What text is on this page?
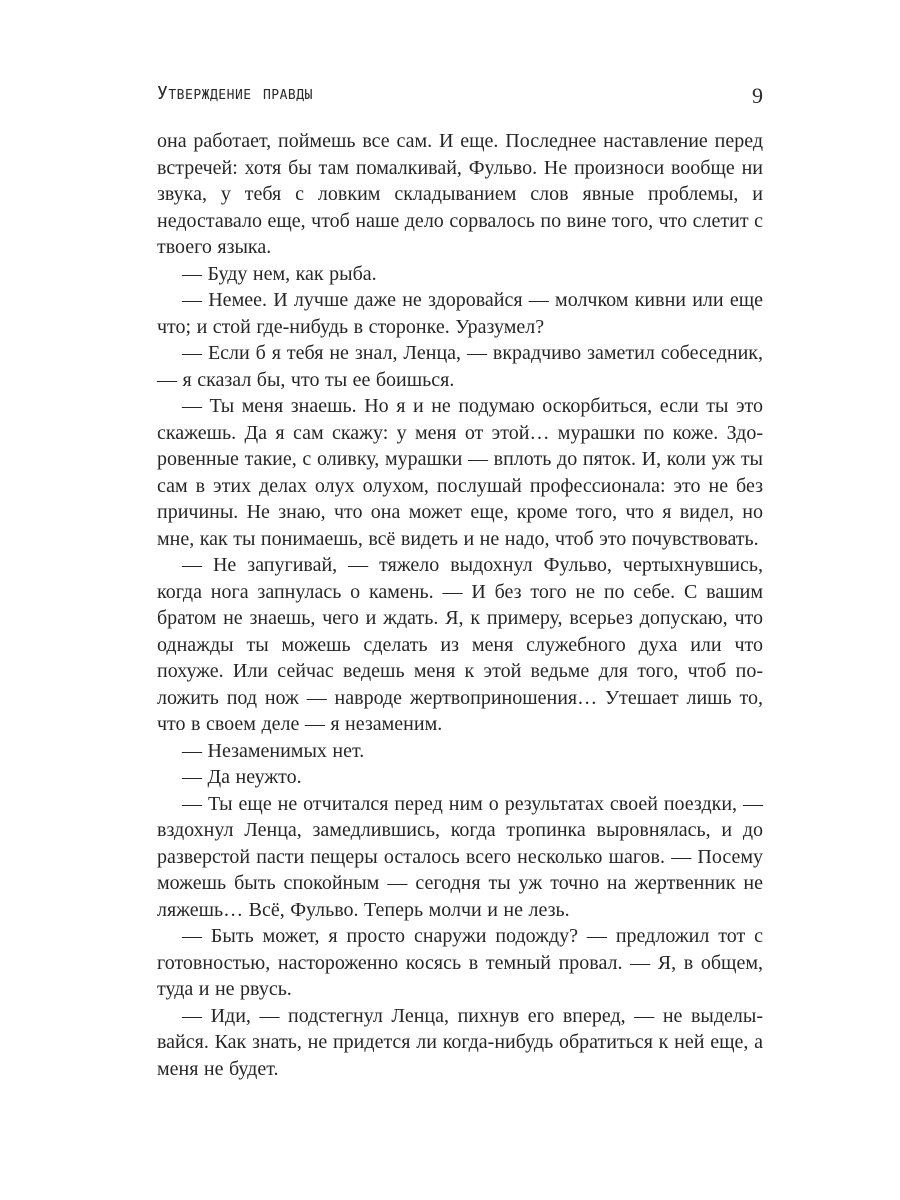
Утверждение правды	9

она работает, поймешь все сам. И еще. Последнее наставление перед встречей: хотя бы там помалкивай, Фульво. Не произноси вообще ни звука, у тебя с ловким складыванием слов явные проблемы, и недоставало еще, чтоб наше дело сорвалось по вине того, что слетит с твоего языка.

— Буду нем, как рыба.

— Немее. И лучше даже не здоровайся — молчком кивни или еще что; и стой где-нибудь в сторонке. Уразумел?

— Если б я тебя не знал, Ленца, — вкрадчиво заметил собеседник, — я сказал бы, что ты ее боишься.

— Ты меня знаешь. Но я и не подумаю оскорбиться, если ты это скажешь. Да я сам скажу: у меня от этой… мурашки по коже. Здоровенные такие, с оливку, мурашки — вплоть до пяток. И, коли уж ты сам в этих делах олух олухом, послушай профессионала: это не без причины. Не знаю, что она может еще, кроме того, что я видел, но мне, как ты понимаешь, всё видеть и не надо, чтоб это почувствовать.

— Не запугивай, — тяжело выдохнул Фульво, чертыхнувшись, когда нога запнулась о камень. — И без того не по себе. С вашим братом не знаешь, чего и ждать. Я, к примеру, всерьез допускаю, что однажды ты можешь сделать из меня служебного духа или что похуже. Или сейчас ведешь меня к этой ведьме для того, чтоб положить под нож — навроде жертвоприношения… Утешает лишь то, что в своем деле — я незаменим.

— Незаменимых нет.

— Да неужто.

— Ты еще не отчитался перед ним о результатах своей поездки, — вздохнул Ленца, замедлившись, когда тропинка выровнялась, и до разверстой пасти пещеры осталось всего несколько шагов. — Посему можешь быть спокойным — сегодня ты уж точно на жертвенник не ляжешь… Всё, Фульво. Теперь молчи и не лезь.

— Быть может, я просто снаружи подожду? — предложил тот с готовностью, настороженно косясь в темный провал. — Я, в общем, туда и не рвусь.

— Иди, — подстегнул Ленца, пихнув его вперед, — не выделывайся. Как знать, не придется ли когда-нибудь обратиться к ней еще, а меня не будет.
